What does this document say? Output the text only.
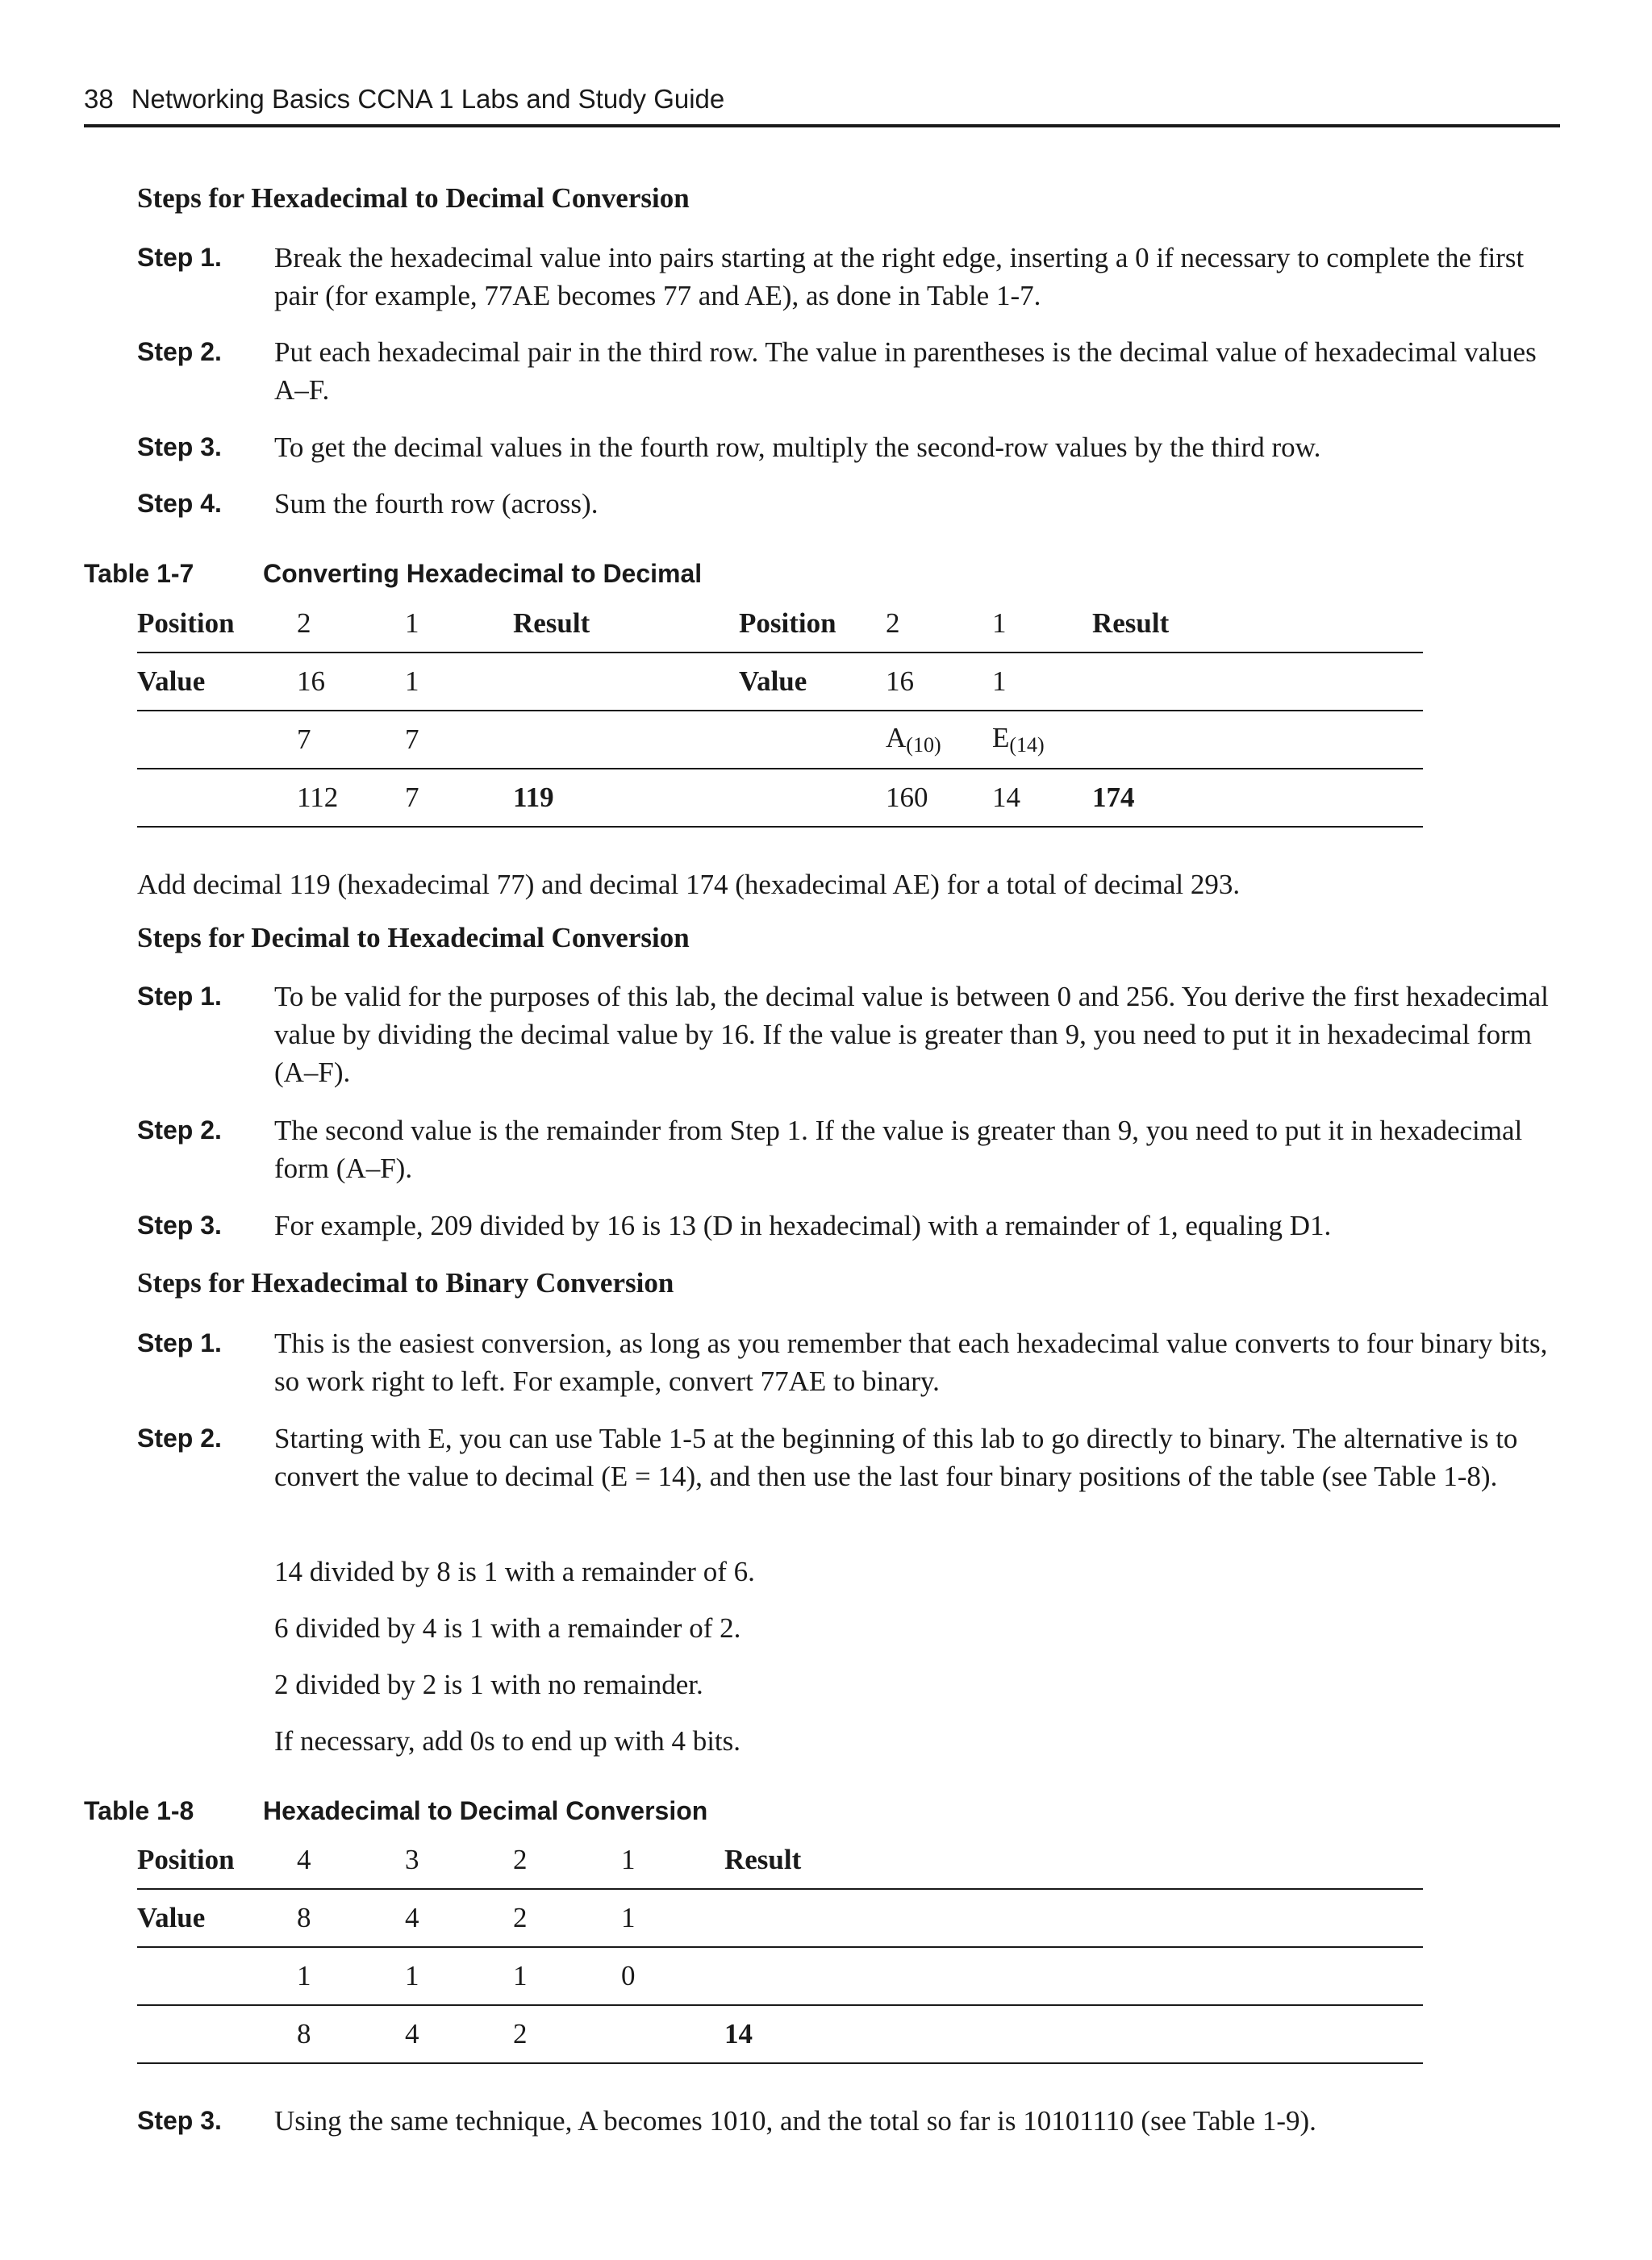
38 Networking Basics CCNA 1 Labs and Study Guide
Steps for Hexadecimal to Decimal Conversion
Step 1. Break the hexadecimal value into pairs starting at the right edge, inserting a 0 if necessary to complete the first pair (for example, 77AE becomes 77 and AE), as done in Table 1-7.
Step 2. Put each hexadecimal pair in the third row. The value in parentheses is the decimal value of hexadecimal values A–F.
Step 3. To get the decimal values in the fourth row, multiply the second-row values by the third row.
Step 4. Sum the fourth row (across).
Table 1-7	Converting Hexadecimal to Decimal
Position	2	1	Result	Position	2	1	Result
Value	16	1		Value	16	1	
	7	7			$A_{(10)}$	$E_{(14)}$	
	112	7	119		160	14	174
Add decimal 119 (hexadecimal 77) and decimal 174 (hexadecimal AE) for a total of decimal 293.
Steps for Decimal to Hexadecimal Conversion
Step 1. To be valid for the purposes of this lab, the decimal value is between 0 and 256. You derive the first hexadecimal value by dividing the decimal value by 16. If the value is greater than 9, you need to put it in hexadecimal form (A–F).
Step 2. The second value is the remainder from Step 1. If the value is greater than 9, you need to put it in hexadecimal form (A–F).
Step 3. For example, 209 divided by 16 is 13 (D in hexadecimal) with a remainder of 1, equaling D1.
Steps for Hexadecimal to Binary Conversion
Step 1. This is the easiest conversion, as long as you remember that each hexadecimal value converts to four binary bits, so work right to left. For example, convert 77AE to binary.
Step 2. Starting with E, you can use Table 1-5 at the beginning of this lab to go directly to binary. The alternative is to convert the value to decimal (E = 14), and then use the last four binary positions of the table (see Table 1-8).
14 divided by 8 is 1 with a remainder of 6.
6 divided by 4 is 1 with a remainder of 2.
2 divided by 2 is 1 with no remainder.
If necessary, add 0s to end up with 4 bits.
Table 1-8	Hexadecimal to Decimal Conversion
Position	4	3	2	1	Result
Value	8	4	2	1	
	1	1	1	0	
	8	4	2		14
Step 3. Using the same technique, A becomes 1010, and the total so far is 10101110 (see Table 1-9).
